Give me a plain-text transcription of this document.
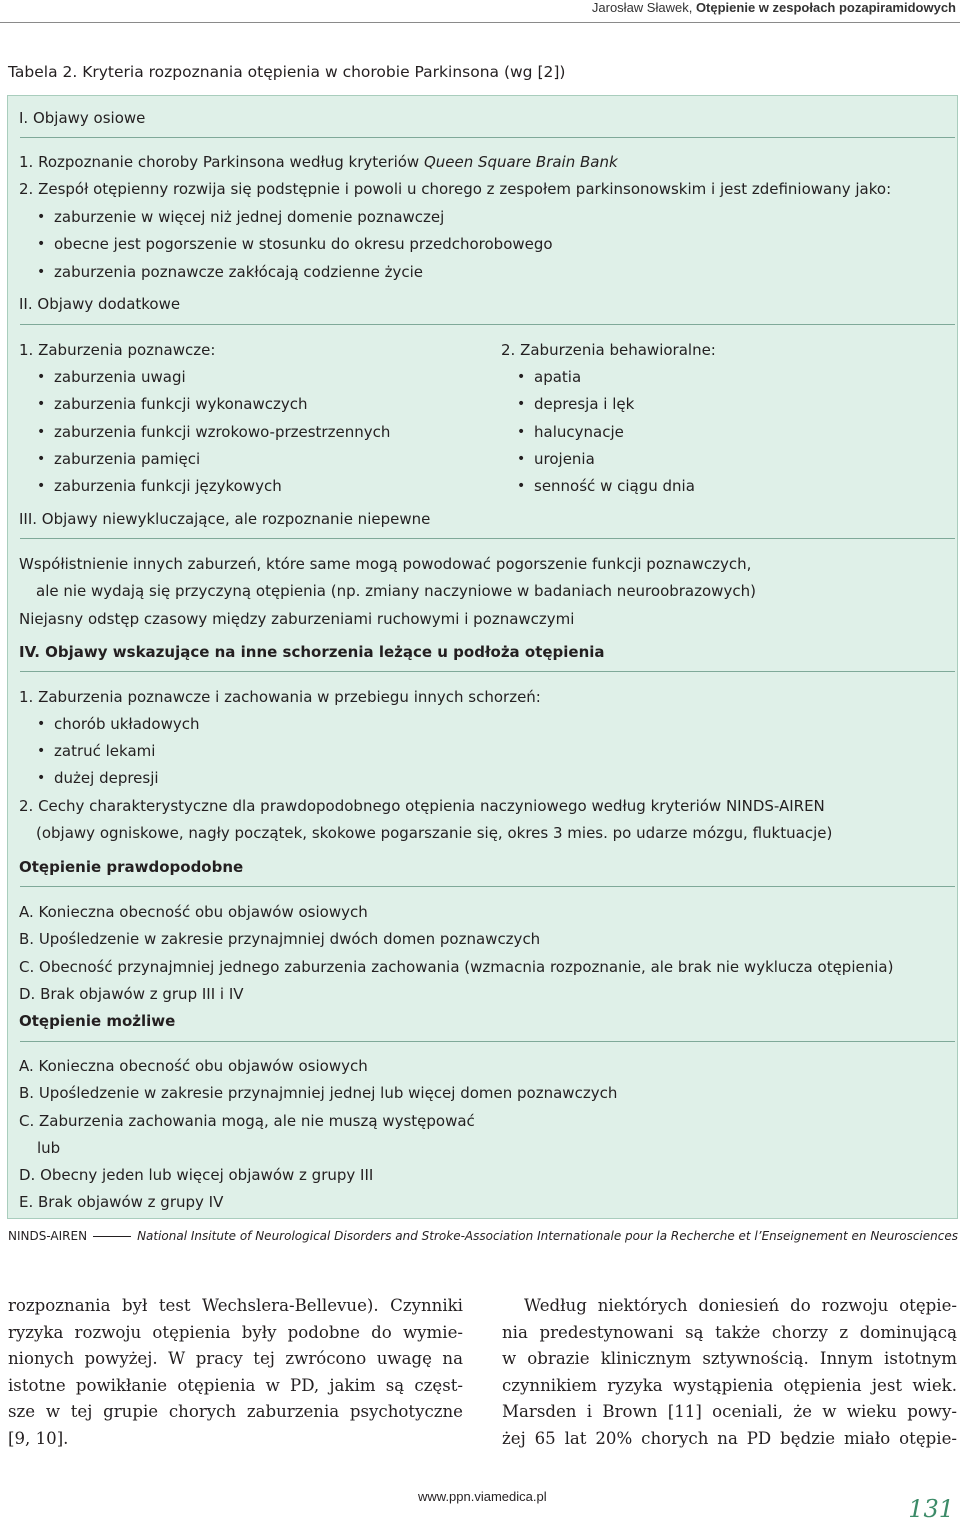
Jarosław Sławek, Otępienie w zespołach pozapiramidowych
Tabela 2. Kryteria rozpoznania otępienia w chorobie Parkinsona (wg [2])
I. Objawy osiowe
1. Rozpoznanie choroby Parkinsona według kryteriów Queen Square Brain Bank
2. Zespół otępienny rozwija się podstępnie i powoli u chorego z zespołem parkinsonowskim i jest zdefiniowany jako:
• zaburzenie w więcej niż jednej domenie poznawczej
• obecne jest pogorszenie w stosunku do okresu przedchorobowego
• zaburzenia poznawcze zakłócają codzienne życie
II. Objawy dodatkowe
1. Zaburzenia poznawcze:
• zaburzenia uwagi
• zaburzenia funkcji wykonawczych
• zaburzenia funkcji wzrokowo-przestrzennych
• zaburzenia pamięci
• zaburzenia funkcji językowych
2. Zaburzenia behawioralne:
• apatia
• depresja i lęk
• halucynacje
• urojenia
• senność w ciągu dnia
III. Objawy niewykluczające, ale rozpoznanie niepewne
Współistnienie innych zaburzeń, które same mogą powodować pogorszenie funkcji poznawczych,
ale nie wydają się przyczyną otępienia (np. zmiany naczyniowe w badaniach neuroobrazowych)
Niejasny odstęp czasowy między zaburzeniami ruchowymi i poznawczymi
IV. Objawy wskazujące na inne schorzenia leżące u podłoża otępienia
1. Zaburzenia poznawcze i zachowania w przebiegu innych schorzeń:
• chorób układowych
• zatruć lekami
• dużej depresji
2. Cechy charakterystyczne dla prawdopodobnego otępienia naczyniowego według kryteriów NINDS-AIREN
(objawy ogniskowe, nagły początek, skokowe pogarszanie się, okres 3 mies. po udarze mózgu, fluktuacje)
Otępienie prawdopodobne
A. Konieczna obecność obu objawów osiowych
B. Upośledzenie w zakresie przynajmniej dwóch domen poznawczych
C. Obecność przynajmniej jednego zaburzenia zachowania (wzmacnia rozpoznanie, ale brak nie wyklucza otępienia)
D. Brak objawów z grup III i IV
Otępienie możliwe
A. Konieczna obecność obu objawów osiowych
B. Upośledzenie w zakresie przynajmniej jednej lub więcej domen poznawczych
C. Zaburzenia zachowania mogą, ale nie muszą występować
lub
D. Obecny jeden lub więcej objawów z grupy III
E. Brak objawów z grupy IV
NINDS-AIREN	National Insitute of Neurological Disorders and Stroke-Association Internationale pour la Recherche et l’Enseignement en Neurosciences
rozpoznania był test Wechslera-Bellevue). Czynniki
ryzyka rozwoju otępienia były podobne do wymie-
nionych powyżej. W pracy tej zwrócono uwagę na
istotne powikłanie otępienia w PD, jakim są częst-
sze w tej grupie chorych zaburzenia psychotyczne
[9, 10].
Według niektórych doniesień do rozwoju otępie-
nia predestynowani są także chorzy z dominującą
w obrazie klinicznym sztywnością. Innym istotnym
czynnikiem ryzyka wystąpienia otępienia jest wiek.
Marsden i Brown [11] oceniali, że w wieku powy-
żej 65 lat 20% chorych na PD będzie miało otępie-
www.ppn.viamedica.pl	131
